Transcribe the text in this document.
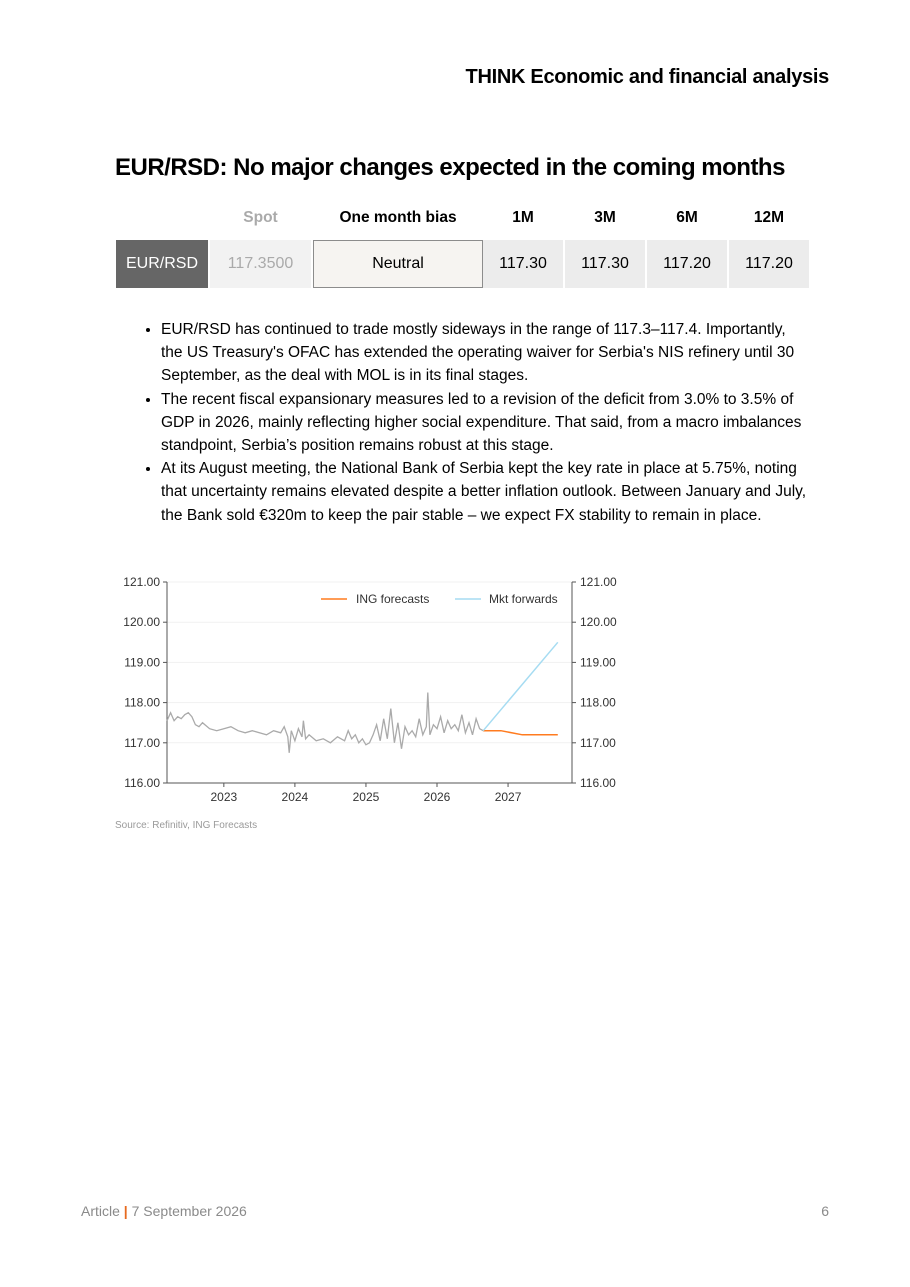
THINK Economic and financial analysis
EUR/RSD: No major changes expected in the coming months
		Spot		One month bias	1M		3M		6M		12M
EUR/RSD		117.3500		Neutral	117.30		117.30		117.20		117.20
• EUR/RSD has continued to trade mostly sideways in the range of 117.3–117.4. Importantly, the US Treasury's OFAC has extended the operating waiver for Serbia's NIS refinery until 30 September, as the deal with MOL is in its final stages.
• The recent fiscal expansionary measures led to a revision of the deficit from 3.0% to 3.5% of GDP in 2026, mainly reflecting higher social expenditure. That said, from a macro imbalances standpoint, Serbia’s position remains robust at this stage.
• At its August meeting, the National Bank of Serbia kept the key rate in place at 5.75%, noting that uncertainty remains elevated despite a better inflation outlook. Between January and July, the Bank sold €320m to keep the pair stable – we expect FX stability to remain in place.
116.00	116.00
117.00	117.00
118.00	118.00
119.00	119.00
120.00	120.00
121.00	121.00
2023	2024	2025	2026	2027
ING forecasts	Mkt forwards

Source: Refinitiv, ING Forecasts

Article | 7 September 2026	6
